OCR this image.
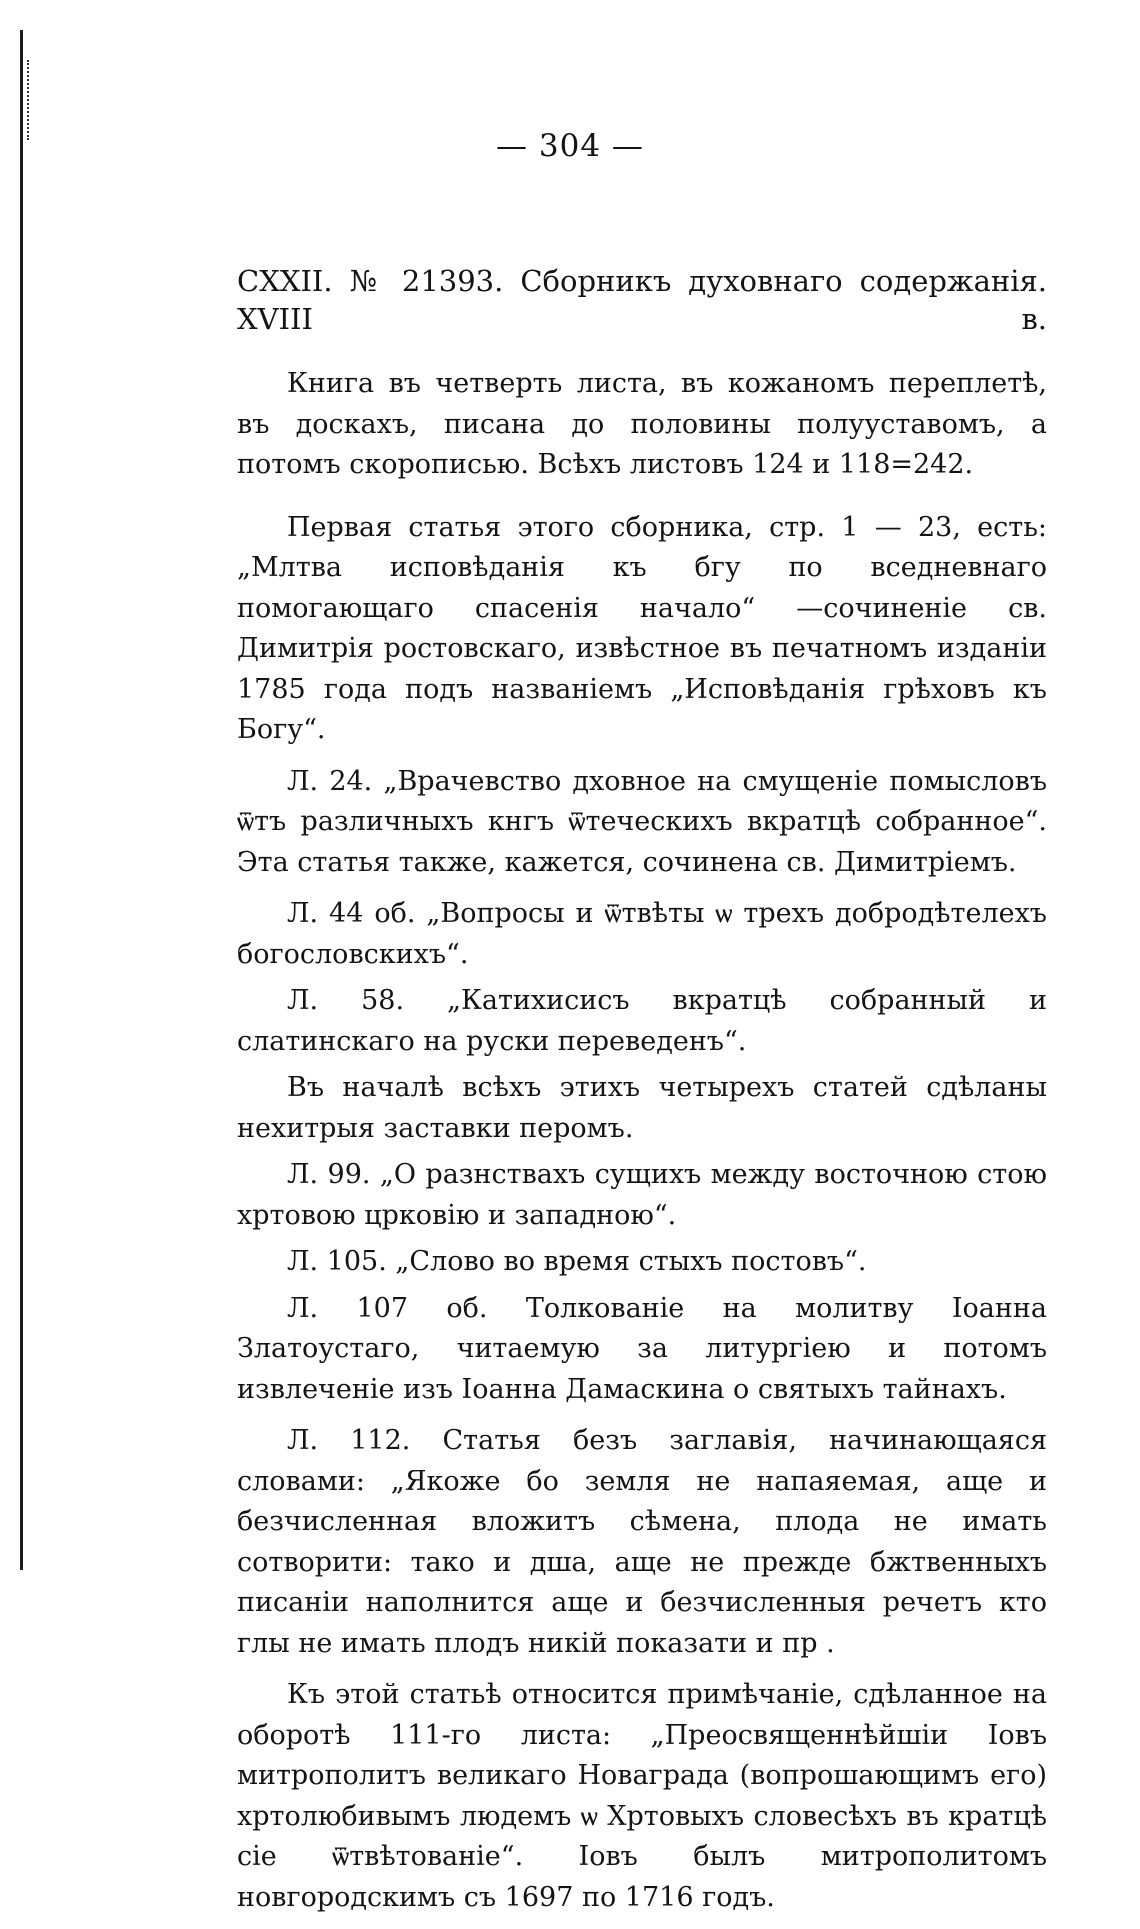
— 304 —
CXXII. № 21393. Сборникъ духовнаго содержанія. XVIII в.

Книга въ четверть листа, въ кожаномъ переплетѣ, въ доскахъ, писана до половины полууставомъ, а потомъ скорописью. Всѣхъ листовъ 124 и 118=242.

Первая статья этого сборника, стр. 1 — 23, есть: „Млтва исповѣданія къ бгу по вседневнаго помогающаго спасенія начало“ —сочиненіе св. Димитрія ростовскаго, извѣстное въ печатномъ изданіи 1785 года подъ названіемъ „Исповѣданія грѣховъ къ Богу“.

Л. 24. „Врачевство дховное на смущеніе помысловъ ѿтъ различныхъ кнгъ ѿтеческихъ вкратцѣ собранное“. Эта статья также, кажется, сочинена св. Димитріемъ.

Л. 44 об. „Вопросы и ѿтвѣты ѡ трехъ добродѣтелехъ богословскихъ“.

Л. 58. „Катихисисъ вкратцѣ собранный и слатинскаго на руски переведенъ“.

Въ началѣ всѣхъ этихъ четырехъ статей сдѣланы нехитрыя заставки перомъ.

Л. 99. „О разнствахъ сущихъ между восточною стою хртовою црковію и западною“.

Л. 105. „Слово во время стыхъ постовъ“.

Л. 107 об. Толкованіе на молитву Іоанна Златоустаго, читаемую за литургіею и потомъ извлеченіе изъ Іоанна Дамаскина о святыхъ тайнахъ.

Л. 112. Статья безъ заглавія, начинающаяся словами: „Якоже бо земля не напаяемая, аще и безчисленная вложитъ сѣмена, плода не имать сотворити: тако и дша, аще не прежде бжтвенныхъ писаніи наполнится аще и безчисленныя речетъ кто глы не имать плодъ никій показати и пр .

Къ этой статьѣ относится примѣчаніе, сдѣланное на оборотѣ 111-го листа: „Преосвященнѣйшіи Іовъ митрополитъ великаго Новаграда (вопрошающимъ его) хртолюбивымъ людемъ ѡ Хртовыхъ словесѣхъ въ кратцѣ сіе ѿтвѣтованіе“. Іовъ былъ митрополитомъ новгородскимъ съ 1697 по 1716 годъ.
